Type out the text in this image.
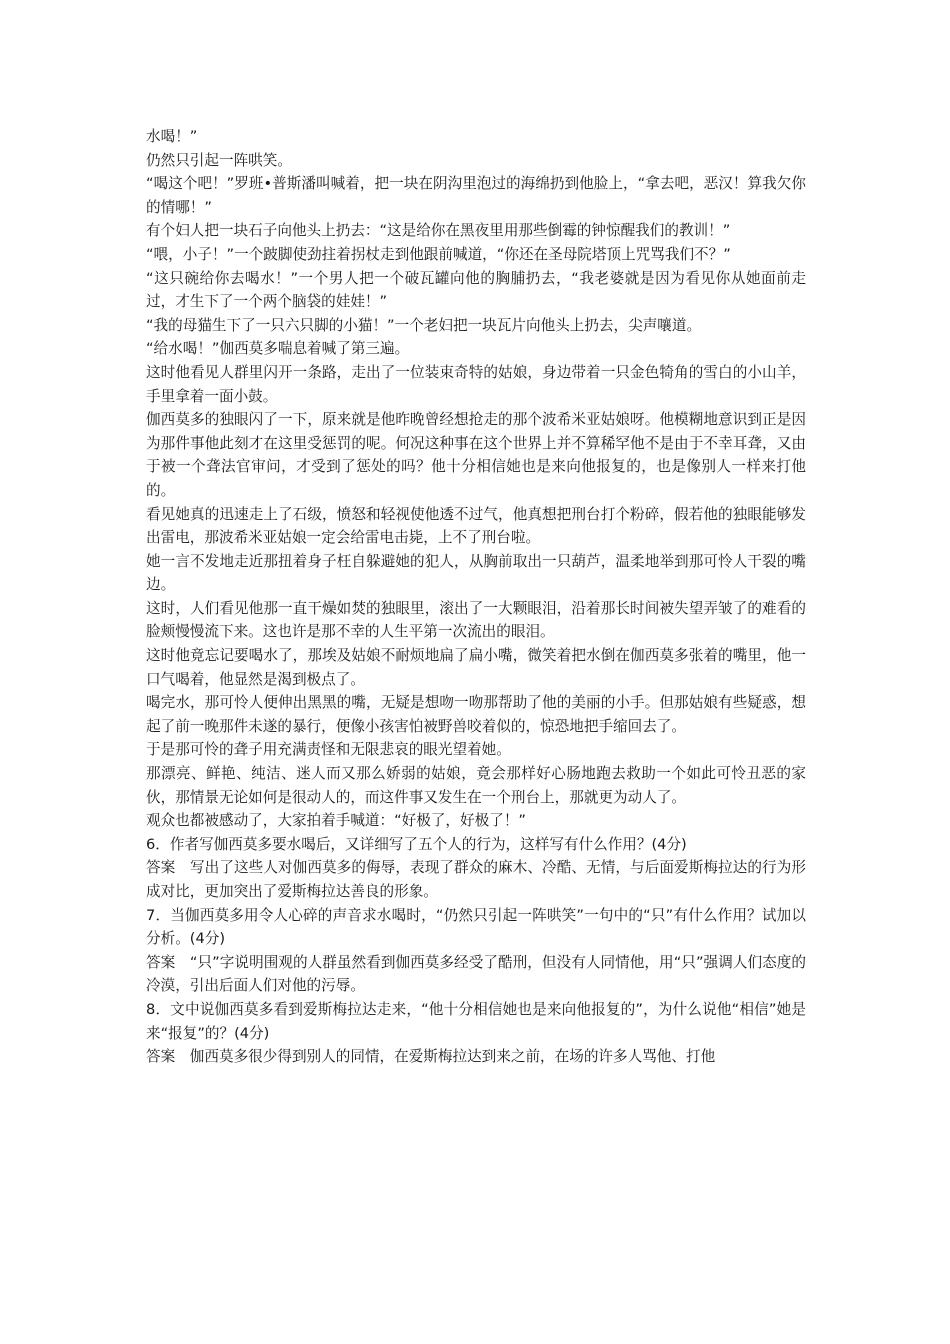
水喝！”

仍然只引起一阵哄笑。

“喝这个吧！”罗班•普斯潘叫喊着，把一块在阴沟里泡过的海绵扔到他脸上，“拿去吧，恶汉！算我欠你的情哪！”

有个妇人把一块石子向他头上扔去：“这是给你在黑夜里用那些倒霉的钟惊醒我们的教训！”

“喂，小子！”一个跛脚使劲拄着拐杖走到他跟前喊道，“你还在圣母院塔顶上咒骂我们不？”

“这只碗给你去喝水！”一个男人把一个破瓦罐向他的胸脯扔去，“我老婆就是因为看见你从她面前走过，才生下了一个两个脑袋的娃娃！”

“我的母猫生下了一只六只脚的小猫！”一个老妇把一块瓦片向他头上扔去，尖声嚷道。

“给水喝！”伽西莫多喘息着喊了第三遍。

这时他看见人群里闪开一条路，走出了一位装束奇特的姑娘，身边带着一只金色犄角的雪白的小山羊，手里拿着一面小鼓。

伽西莫多的独眼闪了一下，原来就是他昨晚曾经想抢走的那个波希米亚姑娘呀。他模糊地意识到正是因为那件事他此刻才在这里受惩罚的呢。何况这种事在这个世界上并不算稀罕他不是由于不幸耳聋，又由于被一个聋法官审问，才受到了惩处的吗？他十分相信她也是来向他报复的，也是像别人一样来打他的。

看见她真的迅速走上了石级，愤怒和轻视使他透不过气，他真想把刑台打个粉碎，假若他的独眼能够发出雷电，那波希米亚姑娘一定会给雷电击毙，上不了刑台啦。

她一言不发地走近那扭着身子枉自躲避她的犯人，从胸前取出一只葫芦，温柔地举到那可怜人干裂的嘴边。

这时，人们看见他那一直干燥如焚的独眼里，滚出了一大颗眼泪，沿着那长时间被失望弄皱了的难看的脸颊慢慢流下来。这也许是那不幸的人生平第一次流出的眼泪。

这时他竟忘记要喝水了，那埃及姑娘不耐烦地扁了扁小嘴，微笑着把水倒在伽西莫多张着的嘴里，他一口气喝着，他显然是渴到极点了。

喝完水，那可怜人便伸出黑黑的嘴，无疑是想吻一吻那帮助了他的美丽的小手。但那姑娘有些疑惑，想起了前一晚那件未遂的暴行，便像小孩害怕被野兽咬着似的，惊恐地把手缩回去了。

于是那可怜的聋子用充满责怪和无限悲哀的眼光望着她。

那漂亮、鲜艳、纯洁、迷人而又那么娇弱的姑娘，竟会那样好心肠地跑去救助一个如此可怜丑恶的家伙，那情景无论如何是很动人的，而这件事又发生在一个刑台上，那就更为动人了。

观众也都被感动了，大家拍着手喊道：“好极了，好极了！”

6．作者写伽西莫多要水喝后，又详细写了五个人的行为，这样写有什么作用？(4分)

答案　写出了这些人对伽西莫多的侮辱，表现了群众的麻木、冷酷、无情，与后面爱斯梅拉达的行为形成对比，更加突出了爱斯梅拉达善良的形象。

7．当伽西莫多用令人心碎的声音求水喝时，“仍然只引起一阵哄笑”一句中的“只”有什么作用？试加以分析。(4分)

答案　“只”字说明围观的人群虽然看到伽西莫多经受了酷刑，但没有人同情他，用“只”强调人们态度的冷漠，引出后面人们对他的污辱。

8．文中说伽西莫多看到爱斯梅拉达走来，“他十分相信她也是来向他报复的”，为什么说他“相信”她是来“报复”的？(4分)

答案　伽西莫多很少得到别人的同情，在爱斯梅拉达到来之前，在场的许多人骂他、打他
